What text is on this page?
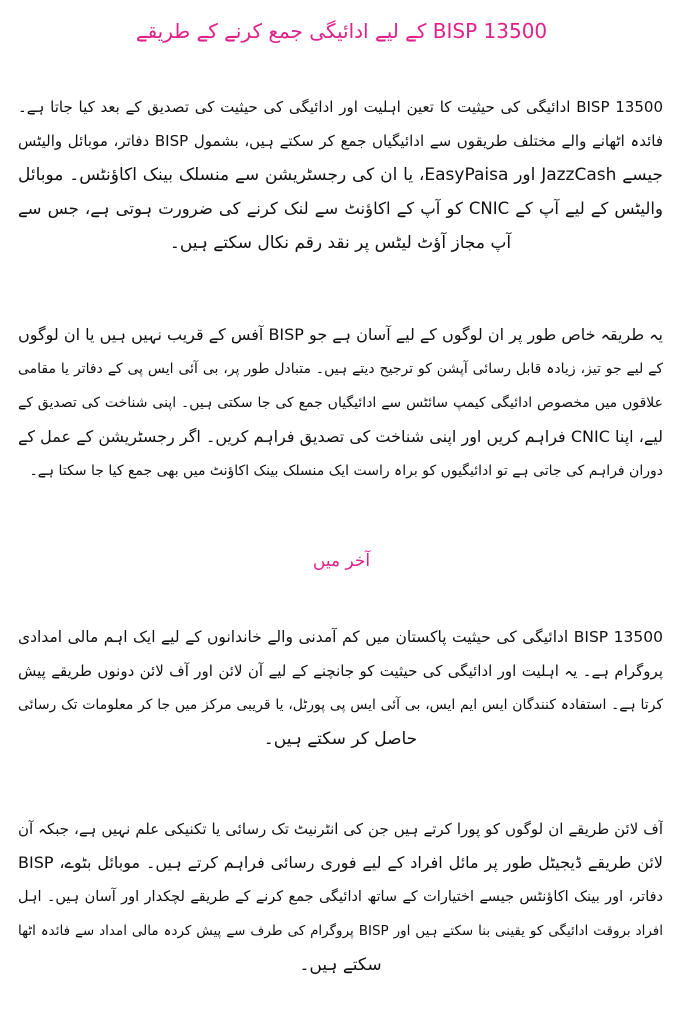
BISP 13500 کے لیے ادائیگی جمع کرنے کے طریقے
BISP 13500 ادائیگی کی حیثیت کا تعین اہلیت اور ادائیگی کی حیثیت کی تصدیق کے بعد کیا جاتا ہے۔
فائدہ اٹھانے والے مختلف طریقوں سے ادائیگیاں جمع کر سکتے ہیں، بشمول BISP دفاتر، موبائل والیٹس
جیسے JazzCash اور EasyPaisa، یا ان کی رجسٹریشن سے منسلک بینک اکاؤنٹس۔ موبائل
والیٹس کے لیے آپ کے CNIC کو آپ کے اکاؤنٹ سے لنک کرنے کی ضرورت ہوتی ہے، جس سے
آپ مجاز آؤٹ لیٹس پر نقد رقم نکال سکتے ہیں۔
یہ طریقہ خاص طور پر ان لوگوں کے لیے آسان ہے جو BISP آفس کے قریب نہیں ہیں یا ان لوگوں
کے لیے جو تیز، زیادہ قابل رسائی آپشن کو ترجیح دیتے ہیں۔ متبادل طور پر، بی آئی ایس پی کے دفاتر یا مقامی
علاقوں میں مخصوص ادائیگی کیمپ سائٹس سے ادائیگیاں جمع کی جا سکتی ہیں۔ اپنی شناخت کی تصدیق کے
لیے، اپنا CNIC فراہم کریں اور اپنی شناخت کی تصدیق فراہم کریں۔ اگر رجسٹریشن کے عمل کے
دوران فراہم کی جاتی ہے تو ادائیگیوں کو براہ راست ایک منسلک بینک اکاؤنٹ میں بھی جمع کیا جا سکتا ہے۔
آخر میں
BISP 13500 ادائیگی کی حیثیت پاکستان میں کم آمدنی والے خاندانوں کے لیے ایک اہم مالی امدادی
پروگرام ہے۔ یہ اہلیت اور ادائیگی کی حیثیت کو جانچنے کے لیے آن لائن اور آف لائن دونوں طریقے پیش
کرتا ہے۔ استفادہ کنندگان ایس ایم ایس، بی آئی ایس پی پورٹل، یا قریبی مرکز میں جا کر معلومات تک رسائی
حاصل کر سکتے ہیں۔
آف لائن طریقے ان لوگوں کو پورا کرتے ہیں جن کی انٹرنیٹ تک رسائی یا تکنیکی علم نہیں ہے، جبکہ آن
لائن طریقے ڈیجیٹل طور پر مائل افراد کے لیے فوری رسائی فراہم کرتے ہیں۔ موبائل بٹوے، BISP
دفاتر، اور بینک اکاؤنٹس جیسے اختیارات کے ساتھ ادائیگی جمع کرنے کے طریقے لچکدار اور آسان ہیں۔ اہل
افراد بروقت ادائیگی کو یقینی بنا سکتے ہیں اور BISP پروگرام کی طرف سے پیش کردہ مالی امداد سے فائدہ اٹھا
سکتے ہیں۔
